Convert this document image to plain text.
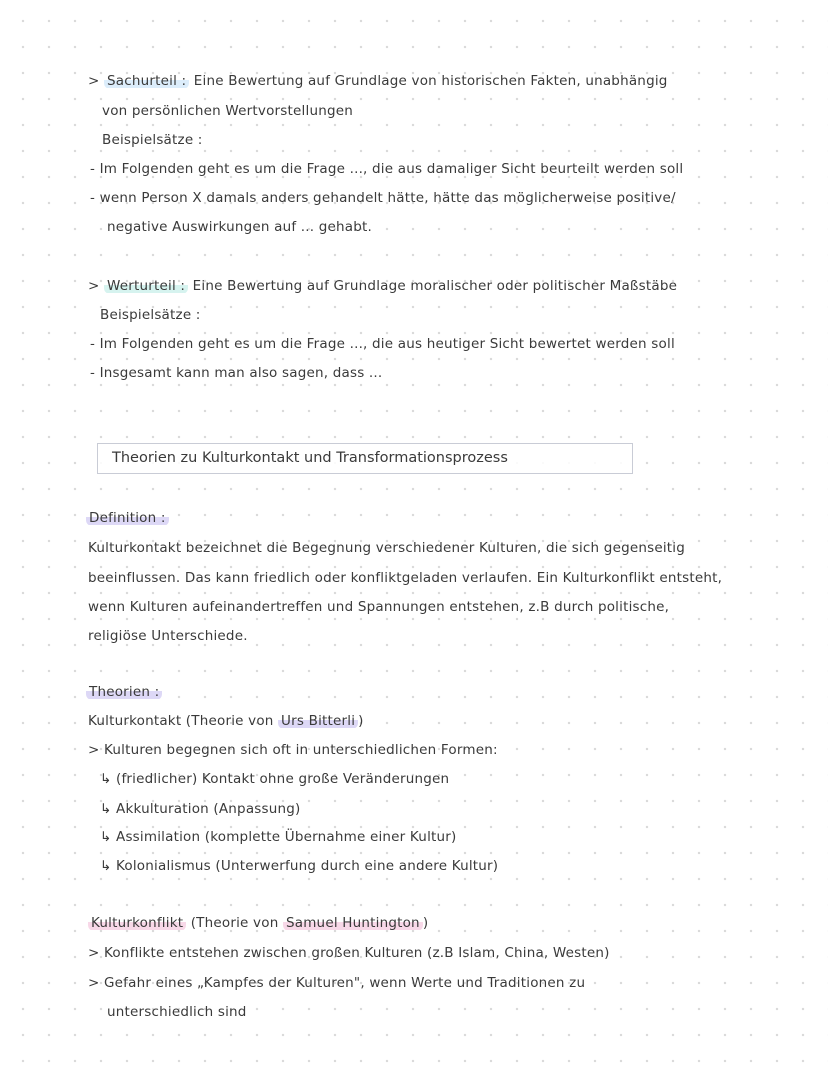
> Sachurteil : Eine Bewertung auf Grundlage von historischen Fakten, unabhängig
von persönlichen Wertvorstellungen
Beispielsätze :
- Im Folgenden geht es um die Frage ..., die aus damaliger Sicht beurteilt werden soll
- wenn Person X damals anders gehandelt hätte, hätte das möglicherweise positive/
negative Auswirkungen auf ... gehabt.
> Werturteil : Eine Bewertung auf Grundlage moralischer oder politischer Maßstäbe
Beispielsätze :
- Im Folgenden geht es um die Frage ..., die aus heutiger Sicht bewertet werden soll
- Insgesamt kann man also sagen, dass ...
Theorien zu Kulturkontakt und Transformationsprozess
Definition :
Kulturkontakt bezeichnet die Begegnung verschiedener Kulturen, die sich gegenseitig
beeinflussen. Das kann friedlich oder konfliktgeladen verlaufen. Ein Kulturkonflikt entsteht,
wenn Kulturen aufeinandertreffen und Spannungen entstehen, z.B durch politische,
religiöse Unterschiede.
Theorien :
Kulturkontakt (Theorie von Urs Bitterli )
> Kulturen begegnen sich oft in unterschiedlichen Formen:
↳ (friedlicher) Kontakt ohne große Veränderungen
↳ Akkulturation (Anpassung)
↳ Assimilation (komplette Übernahme einer Kultur)
↳ Kolonialismus (Unterwerfung durch eine andere Kultur)
Kulturkonflikt (Theorie von Samuel Huntington )
> Konflikte entstehen zwischen großen Kulturen (z.B Islam, China, Westen)
> Gefahr eines „Kampfes der Kulturen", wenn Werte und Traditionen zu
unterschiedlich sind
